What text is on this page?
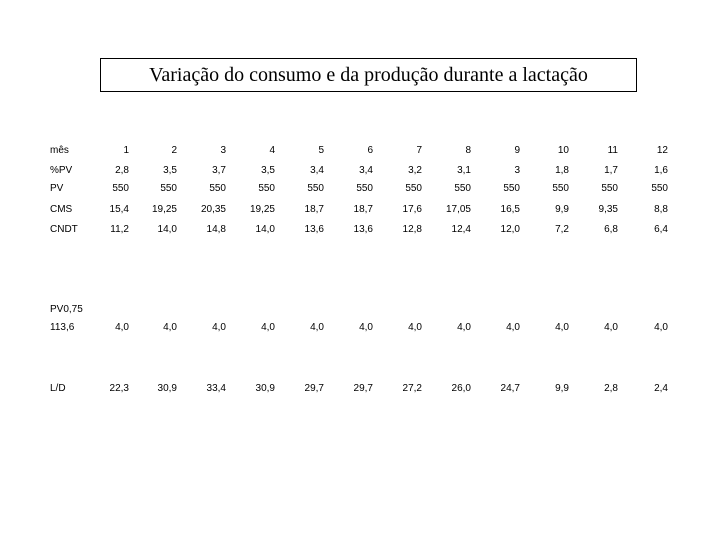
Variação do consumo e da produção durante a lactação
mês	1	2	3	4	5	6	7	8	9	10	11	12
%PV	2,8	3,5	3,7	3,5	3,4	3,4	3,2	3,1	3	1,8	1,7	1,6
PV	550	550	550	550	550	550	550	550	550	550	550	550
CMS	15,4	19,25	20,35	19,25	18,7	18,7	17,6	17,05	16,5	9,9	9,35	8,8
CNDT	11,2	14,0	14,8	14,0	13,6	13,6	12,8	12,4	12,0	7,2	6,8	6,4
PV0,75
113,6	4,0	4,0	4,0	4,0	4,0	4,0	4,0	4,0	4,0	4,0	4,0	4,0
L/D	22,3	30,9	33,4	30,9	29,7	29,7	27,2	26,0	24,7	9,9	2,8	2,4
